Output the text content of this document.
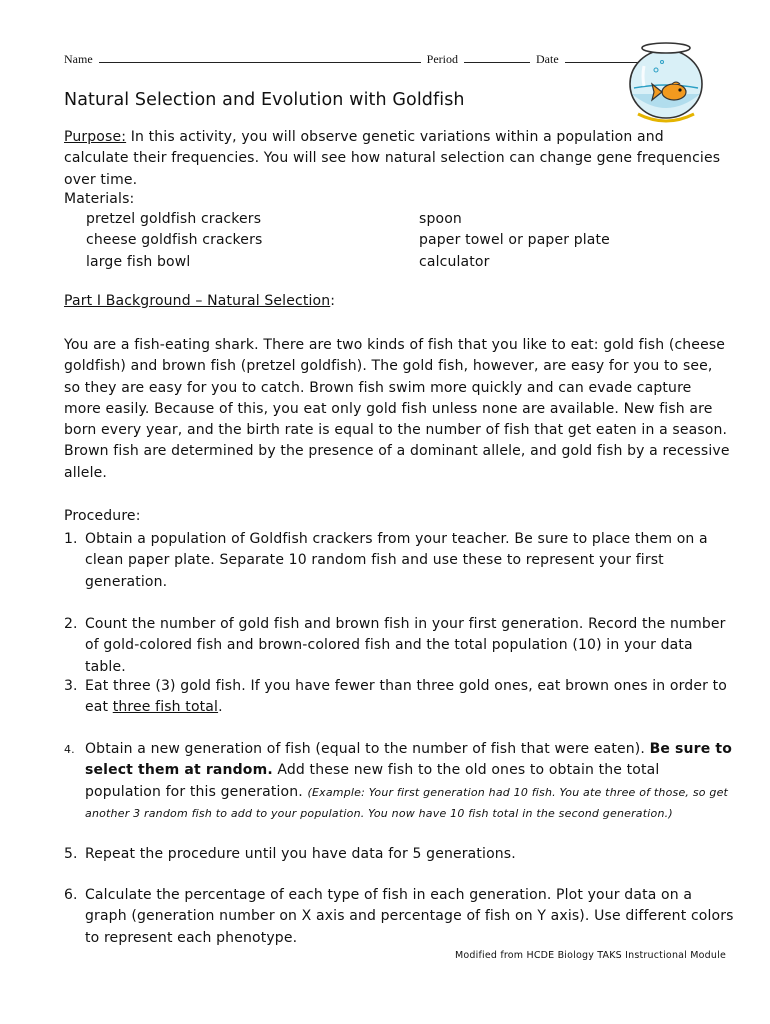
Name	Period	Date
Natural Selection and Evolution with Goldfish

Purpose: In this activity, you will observe genetic variations within a population and calculate their frequencies. You will see how natural selection can change gene frequencies over time.

Materials:

pretzel goldfish crackers
cheese goldfish crackers
large fish bowl
spoon
paper towel or paper plate
calculator

Part I Background – Natural Selection:

You are a fish-eating shark. There are two kinds of fish that you like to eat: gold fish (cheese goldfish) and brown fish (pretzel goldfish). The gold fish, however, are easy for you to see, so they are easy for you to catch. Brown fish swim more quickly and can evade capture more easily. Because of this, you eat only gold fish unless none are available. New fish are born every year, and the birth rate is equal to the number of fish that get eaten in a season. Brown fish are determined by the presence of a dominant allele, and gold fish by a recessive allele.

Procedure:

1. Obtain a population of Goldfish crackers from your teacher. Be sure to place them on a clean paper plate. Separate 10 random fish and use these to represent your first generation.
2. Count the number of gold fish and brown fish in your first generation. Record the number of gold-colored fish and brown-colored fish and the total population (10) in your data table.
3. Eat three (3) gold fish. If you have fewer than three gold ones, eat brown ones in order to eat three fish total.
4. Obtain a new generation of fish (equal to the number of fish that were eaten). Be sure to select them at random. Add these new fish to the old ones to obtain the total population for this generation. (Example: Your first generation had 10 fish. You ate three of those, so get another 3 random fish to add to your population. You now have 10 fish total in the second generation.)
5. Repeat the procedure until you have data for 5 generations.
6. Calculate the percentage of each type of fish in each generation. Plot your data on a graph (generation number on X axis and percentage of fish on Y axis). Use different colors to represent each phenotype.
Modified from HCDE Biology TAKS Instructional Module
